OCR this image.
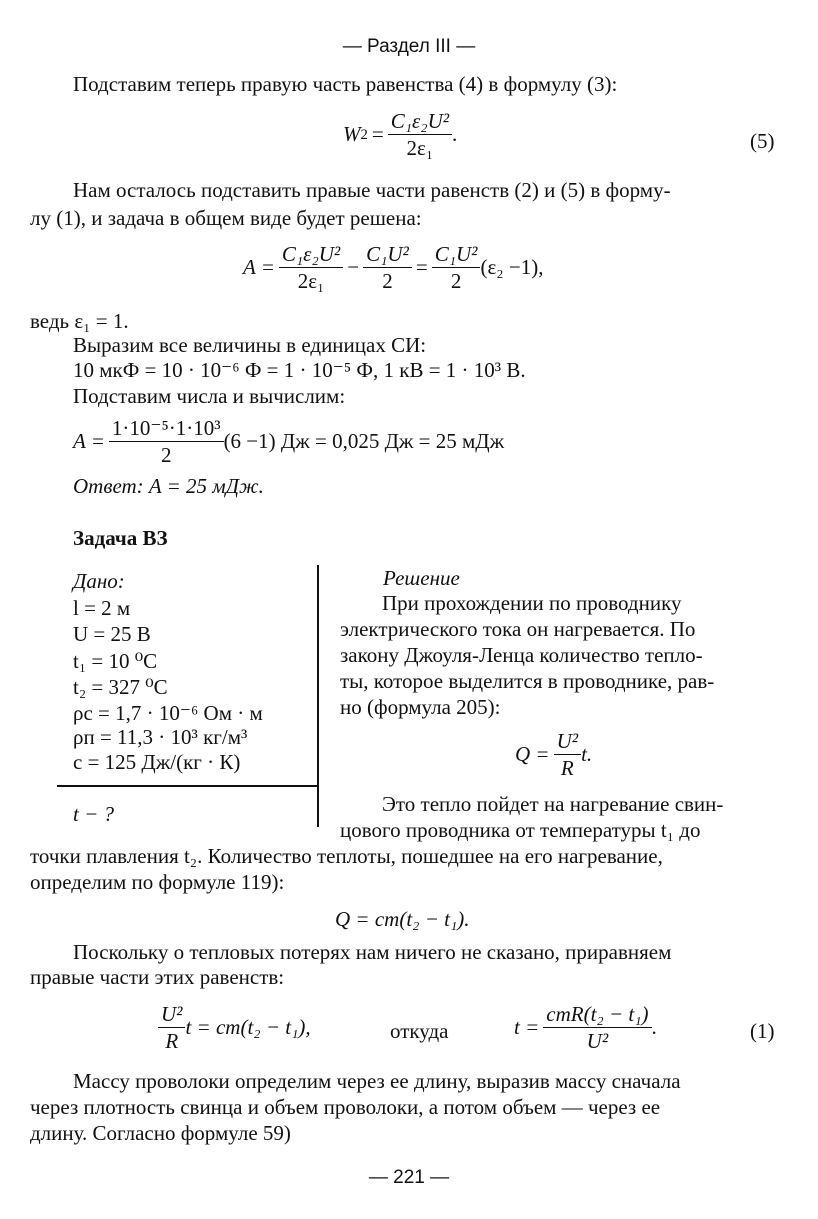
— Раздел III —
Подставим теперь правую часть равенства (4) в формулу (3):
W $2 = \frac{\text{C₁ε₂U²}}{\text{2ε₁}}$ .	(5)
Нам осталось подставить правые части равенств (2) и (5) в форму-
лу (1), и задача в общем виде будет решена:
$A = \frac{\text{C₁ε₂U²}}{\text{2ε₁}} - \frac{\text{C₁U²}}{2} = \frac{\text{C₁U²}}{2} (\varepsilon_2 -1)$,
ведь ε₁ = 1.
Выразим все величины в единицах СИ:
10 мкФ = 10 · 10⁻⁶ Ф = 1 · 10⁻⁵ Ф, 1 кВ = 1 · 10³ В.
Подставим числа и вычислим:
$A = \frac{\text{1·10⁻⁵·1·10³}}{2} (6 -1)$ Дж = 0,025 Дж = 25 мДж
Ответ: A = 25 мДж.
Задача ВЗ
Дано:
l = 2 м
U = 25 В
t₁ = 10 ⁰С
t₂ = 327 ⁰С
ρс = 1,7 · 10⁻⁶ Ом · м
ρп = 11,3 · 10³ кг/м³
c = 125 Дж/(кг · К)
t − ?
Решение
При прохождении по проводнику
электрического тока он нагревается. По
закону Джоуля-Ленца количество тепло-
ты, которое выделится в проводнике, рав-
но (формула 205):
$Q = \frac{\text{U²}}{R} t$.
Это тепло пойдет на нагревание свин-
цового проводника от температуры t₁ до
точки плавления t₂. Количество теплоты, пошедшее на его нагревание,
определим по формуле 119):
Q = cm(t₂ − t₁).
Поскольку о тепловых потерях нам ничего не сказано, приравняем
правые части этих равенств:
$\frac{\text{U²}}{R}$ t = cm(t₂ − t₁),	откуда	$t = \frac{\text{cmR(t₂ − t₁)}}{\text{U²}}$ .	(1)
Массу проволоки определим через ее длину, выразив массу сначала
через плотность свинца и объем проволоки, а потом объем — через ее
длину. Согласно формуле 59)
— 221 —
